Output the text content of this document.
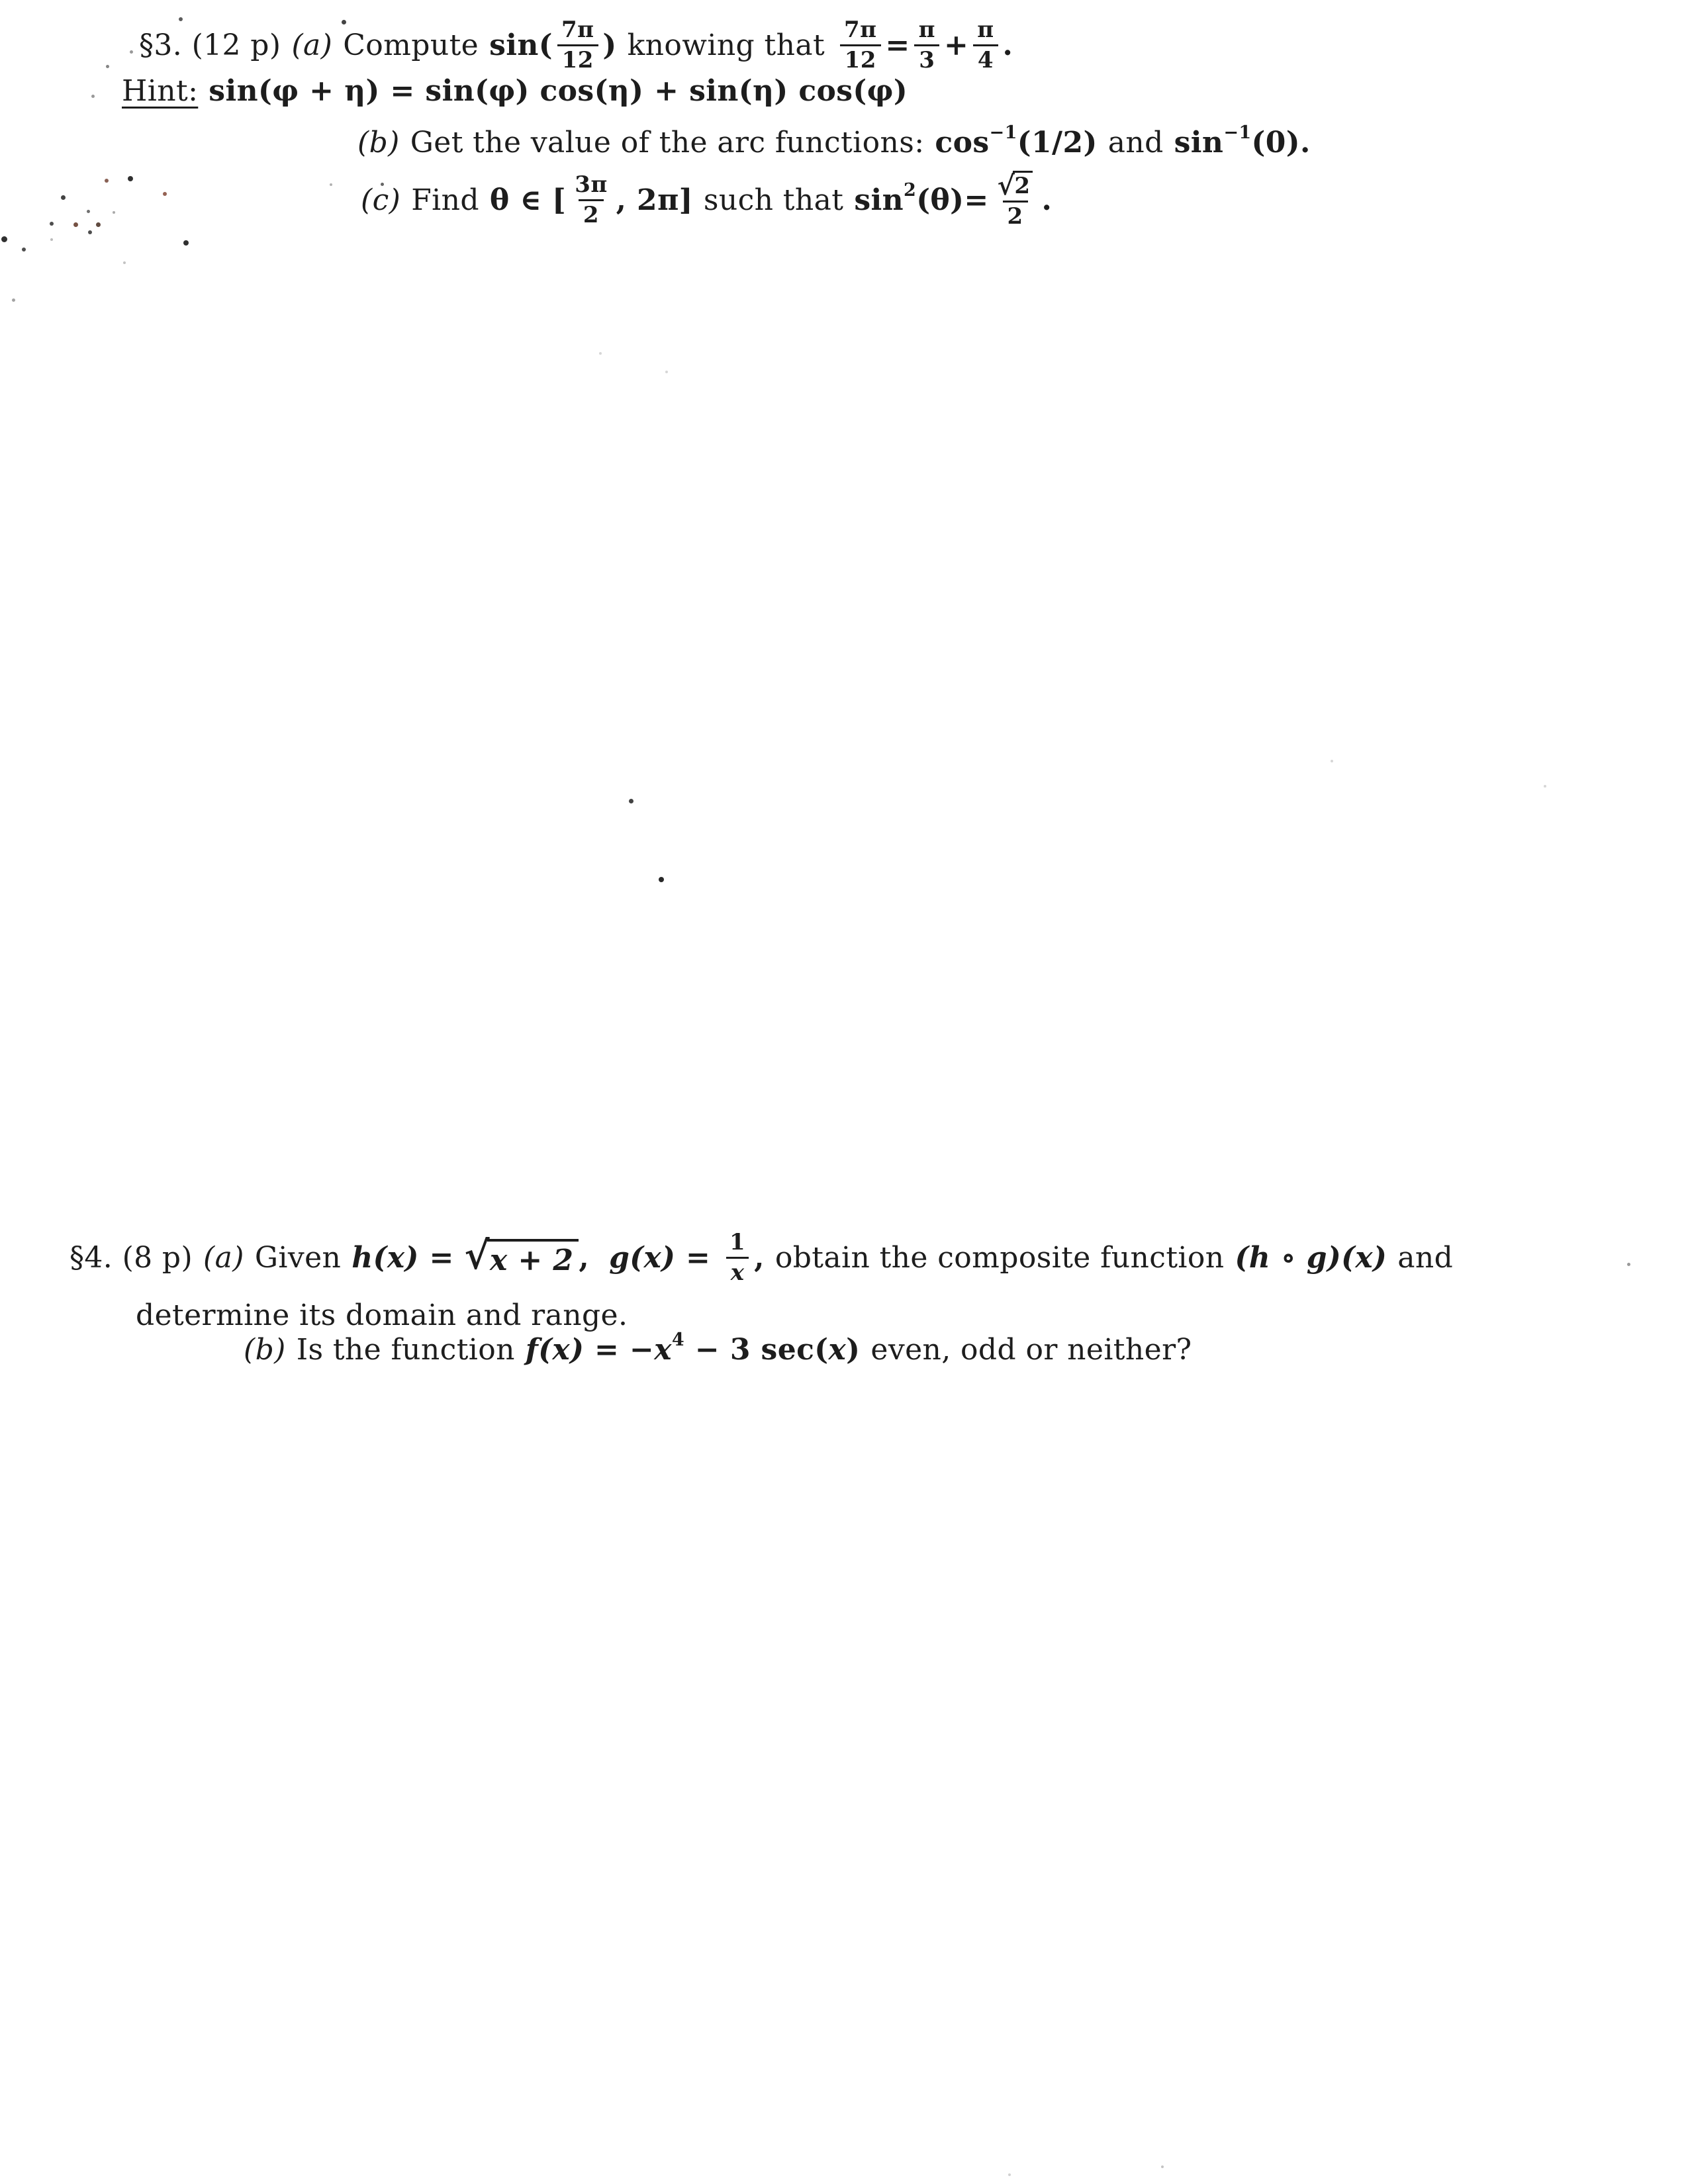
§3. (12 p) (a) Compute $\sin( \frac{7\pi}{12}$ ) knowing that $\frac{7\pi}{12} = \frac{\pi}{3} + \frac{\pi}{4}$ .
Hint: sin(φ + η) = sin(φ) cos(η) + sin(η) cos(φ)
(b) Get the value of the arc functions: cos −1 (1/2) and sin −1 (0) .
(c) Find θ ∈ [ $\frac{3\pi}{2}$ , 2π] such that sin 2 $(\theta) = \frac{√ 2}{2}$ .
§4. (8 p) (a) Given h(x) = √ x + 2 , $g(x) = \frac{1}{x}$ , obtain the composite function (h ∘ g)(x) and
determine its domain and range.
(b) Is the function f(x) = − x 4 − 3 sec( x ) even, odd or neither?
